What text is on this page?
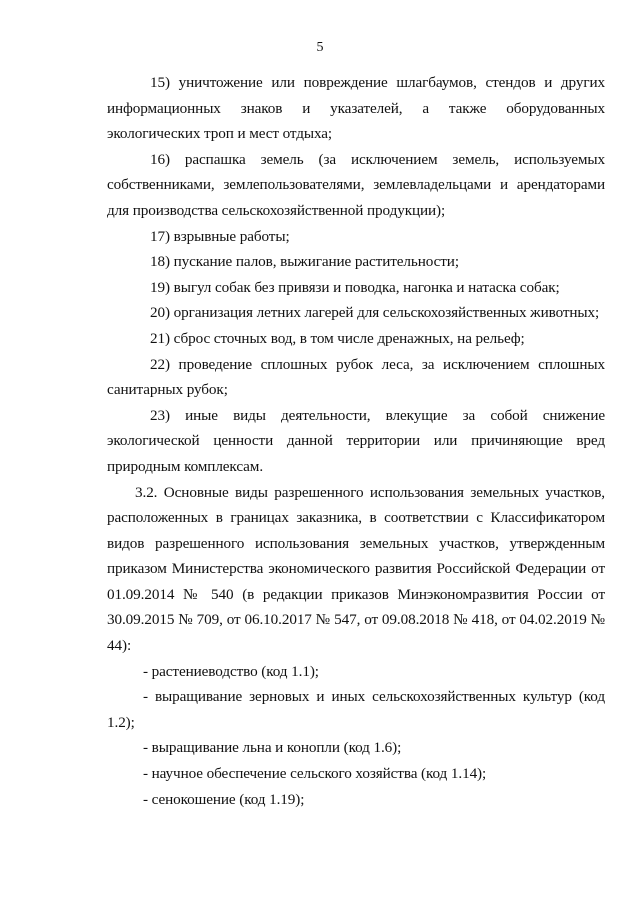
5
15) уничтожение или повреждение шлагбаумов, стендов и других
информационных знаков и указателей, а также оборудованных
экологических троп и мест отдыха;
16) распашка земель (за исключением земель, используемых
собственниками, землепользователями, землевладельцами и арендаторами
для производства сельскохозяйственной продукции);
17) взрывные работы;
18) пускание палов, выжигание растительности;
19) выгул собак без привязи и поводка, нагонка и натаска собак;
20) организация летних лагерей для сельскохозяйственных животных;
21) сброс сточных вод, в том числе дренажных, на рельеф;
22) проведение сплошных рубок леса, за исключением сплошных
санитарных рубок;
23) иные виды деятельности, влекущие за собой снижение
экологической ценности данной территории или причиняющие вред
природным комплексам.
3.2. Основные виды разрешенного использования земельных участков,
расположенных в границах заказника, в соответствии с Классификатором
видов разрешенного использования земельных участков, утвержденным
приказом Министерства экономического развития Российской Федерации от
01.09.2014 № 540 (в редакции приказов Минэкономразвития России от
30.09.2015 № 709, от 06.10.2017 № 547, от 09.08.2018 № 418, от 04.02.2019 №
44):
- растениеводство (код 1.1);
- выращивание зерновых и иных сельскохозяйственных культур (код
1.2);
- выращивание льна и конопли (код 1.6);
- научное обеспечение сельского хозяйства (код 1.14);
- сенокошение (код 1.19);
